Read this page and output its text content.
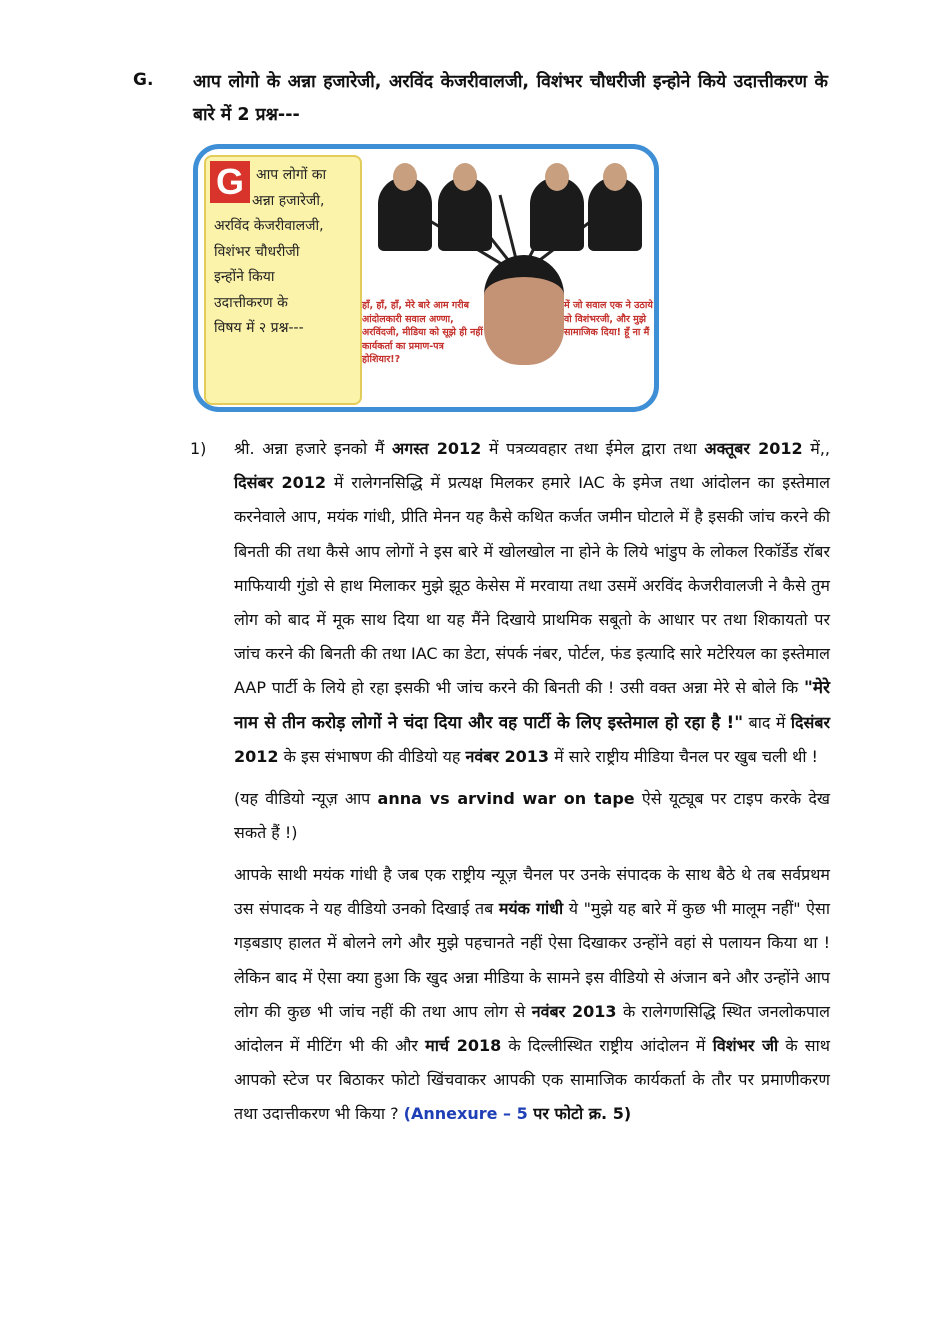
G. आप लोगो के अन्ना हजारेजी, अरविंद केजरीवालजी, विशंभर चौधरीजी इन्होने किये उदात्तीकरण के बारे में 2 प्रश्न---
G आप लोगों का
अन्ना हजारेजी,
अरविंद केजरीवालजी,
विशंभर चौधरीजी
इन्होंने किया
उदात्तीकरण के
विषय में २ प्रश्न---
हाँ, हाँ, हाँ, मेरे बारे आम गरीब आंदोलकारी सवाल अण्णा, अरविंदजी, मीडिया को सूझे ही नहीं कार्यकर्ता का प्रमाण-पत्र होशियार!?
में जो सवाल एक ने उठाये वो विशंभरजी, और मुझे सामाजिक दिया! हूँ ना मैं
1) श्री. अन्ना हजारे इनको मैं अगस्त 2012 में पत्रव्यवहार तथा ईमेल द्वारा तथा अक्तूबर 2012 में,, दिसंबर 2012 में रालेगनसिद्धि में प्रत्यक्ष मिलकर हमारे IAC के इमेज तथा आंदोलन का इस्तेमाल करनेवाले आप, मयंक गांधी, प्रीति मेनन यह कैसे कथित कर्जत जमीन घोटाले में है इसकी जांच करने की बिनती की तथा कैसे आप लोगों ने इस बारे में खोलखोल ना होने के लिये भांडुप के लोकल रिकॉर्डेड रॉबर माफियायी गुंडो से हाथ मिलाकर मुझे झूठ केसेस में मरवाया तथा उसमें अरविंद केजरीवालजी ने कैसे तुम लोग को बाद में मूक साथ दिया था यह मैंने दिखाये प्राथमिक सबूतो के आधार पर तथा शिकायतो पर जांच करने की बिनती की तथा IAC का डेटा, संपर्क नंबर, पोर्टल, फंड इत्यादि सारे मटेरियल का इस्तेमाल AAP पार्टी के लिये हो रहा इसकी भी जांच करने की बिनती की ! उसी वक्त अन्ना मेरे से बोले कि "मेरे नाम से तीन करोड़ लोगों ने चंदा दिया और वह पार्टी के लिए इस्तेमाल हो रहा है !" बाद में दिसंबर 2012 के इस संभाषण की वीडियो यह नवंबर 2013 में सारे राष्ट्रीय मीडिया चैनल पर खुब चली थी !
(यह वीडियो न्यूज़ आप anna vs arvind war on tape ऐसे यूट्यूब पर टाइप करके देख सकते हैं !)
आपके साथी मयंक गांधी है जब एक राष्ट्रीय न्यूज़ चैनल पर उनके संपादक के साथ बैठे थे तब सर्वप्रथम उस संपादक ने यह वीडियो उनको दिखाई तब मयंक गांधी ये "मुझे यह बारे में कुछ भी मालूम नहीं" ऐसा गड़बडाए हालत में बोलने लगे और मुझे पहचानते नहीं ऐसा दिखाकर उन्होंने वहां से पलायन किया था ! लेकिन बाद में ऐसा क्या हुआ कि खुद अन्ना मीडिया के सामने इस वीडियो से अंजान बने और उन्होंने आप लोग की कुछ भी जांच नहीं की तथा आप लोग से नवंबर 2013 के रालेगणसिद्धि स्थित जनलोकपाल आंदोलन में मीटिंग भी की और मार्च 2018 के दिल्लीस्थित राष्ट्रीय आंदोलन में विशंभर जी के साथ आपको स्टेज पर बिठाकर फोटो खिंचवाकर आपकी एक सामाजिक कार्यकर्ता के तौर पर प्रमाणीकरण तथा उदात्तीकरण भी किया ? (Annexure – 5 पर फोटो क्र. 5)
